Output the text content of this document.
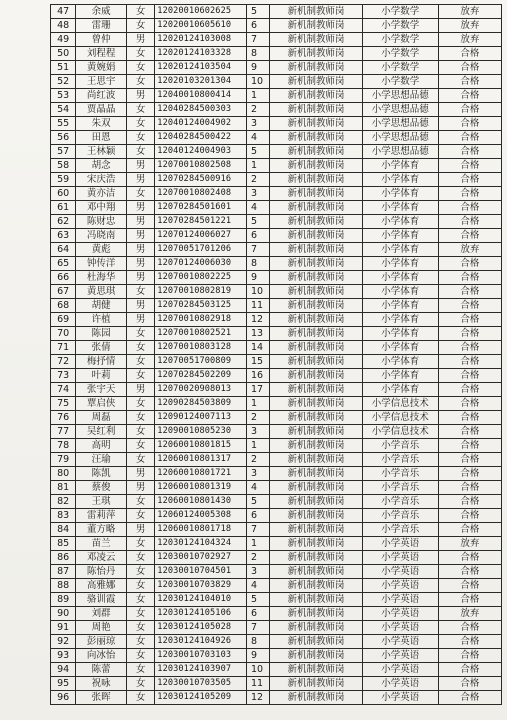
47	余威	女	12020010602625	5	新机制教师岗	小学数学	放弃
48	雷珊	女	12020010605610	6	新机制教师岗	小学数学	放弃
49	曾仲	男	12020124103008	7	新机制教师岗	小学数学	放弃
50	刘程程	女	12020124103328	8	新机制教师岗	小学数学	合格
51	黄婉娟	女	12020124103504	9	新机制教师岗	小学数学	合格
52	王思宇	女	12020103201304	10	新机制教师岗	小学数学	合格
53	尚红波	男	12040010800414	1	新机制教师岗	小学思想品德	合格
54	贾晶晶	女	12040284500303	2	新机制教师岗	小学思想品德	合格
55	朱双	女	12040124004902	3	新机制教师岗	小学思想品德	合格
56	田恩	女	12040284500422	4	新机制教师岗	小学思想品德	合格
57	王林颖	女	12040124004903	5	新机制教师岗	小学思想品德	合格
58	胡念	男	12070010802508	1	新机制教师岗	小学体育	合格
59	宋庆浩	男	12070284500916	2	新机制教师岗	小学体育	合格
60	黄亦洁	女	12070010802408	3	新机制教师岗	小学体育	合格
61	邓中翔	男	12070284501601	4	新机制教师岗	小学体育	合格
62	陈财忠	男	12070284501221	5	新机制教师岗	小学体育	合格
63	冯晓南	男	12070124006027	6	新机制教师岗	小学体育	合格
64	黄彪	男	12070051701206	7	新机制教师岗	小学体育	放弃
65	钟传洋	男	12070124006030	8	新机制教师岗	小学体育	合格
66	杜海华	男	12070010802225	9	新机制教师岗	小学体育	合格
67	黄思琪	女	12070010802819	10	新机制教师岗	小学体育	合格
68	胡健	男	12070284503125	11	新机制教师岗	小学体育	合格
69	许植	男	12070010802918	12	新机制教师岗	小学体育	合格
70	陈园	女	12070010802521	13	新机制教师岗	小学体育	合格
71	张倩	女	12070010803128	14	新机制教师岗	小学体育	合格
72	梅抒情	女	12070051700809	15	新机制教师岗	小学体育	合格
73	叶莉	女	12070284502209	16	新机制教师岗	小学体育	合格
74	张宇天	男	12070020908013	17	新机制教师岗	小学体育	合格
75	覃启侠	女	12090284503809	1	新机制教师岗	小学信息技术	合格
76	周磊	女	12090124007113	2	新机制教师岗	小学信息技术	合格
77	吴红利	女	12090010805230	3	新机制教师岗	小学信息技术	合格
78	高明	女	12060010801815	1	新机制教师岗	小学音乐	合格
79	汪瑜	女	12060010801317	2	新机制教师岗	小学音乐	合格
80	陈凯	男	12060010801721	3	新机制教师岗	小学音乐	合格
81	蔡俊	男	12060010801319	4	新机制教师岗	小学音乐	合格
82	王琪	女	12060010801430	5	新机制教师岗	小学音乐	合格
83	雷莉萍	女	12060124005308	6	新机制教师岗	小学音乐	合格
84	董方略	男	12060010801718	7	新机制教师岗	小学音乐	合格
85	苗兰	女	12030124104324	1	新机制教师岗	小学英语	放弃
86	邓凌云	女	12030010702927	2	新机制教师岗	小学英语	合格
87	陈怡丹	女	12030010704501	3	新机制教师岗	小学英语	合格
88	高雅娜	女	12030010703829	4	新机制教师岗	小学英语	合格
89	骆训霞	女	12030124104010	5	新机制教师岗	小学英语	合格
90	刘群	女	12030124105106	6	新机制教师岗	小学英语	放弃
91	周艳	女	12030124105028	7	新机制教师岗	小学英语	合格
92	彭丽琼	女	12030124104926	8	新机制教师岗	小学英语	合格
93	向冰怡	女	12030010703103	9	新机制教师岗	小学英语	合格
94	陈蕾	女	12030124103907	10	新机制教师岗	小学英语	合格
95	祝咏	女	12030010703505	11	新机制教师岗	小学英语	合格
96	张晖	女	12030124105209	12	新机制教师岗	小学英语	合格
